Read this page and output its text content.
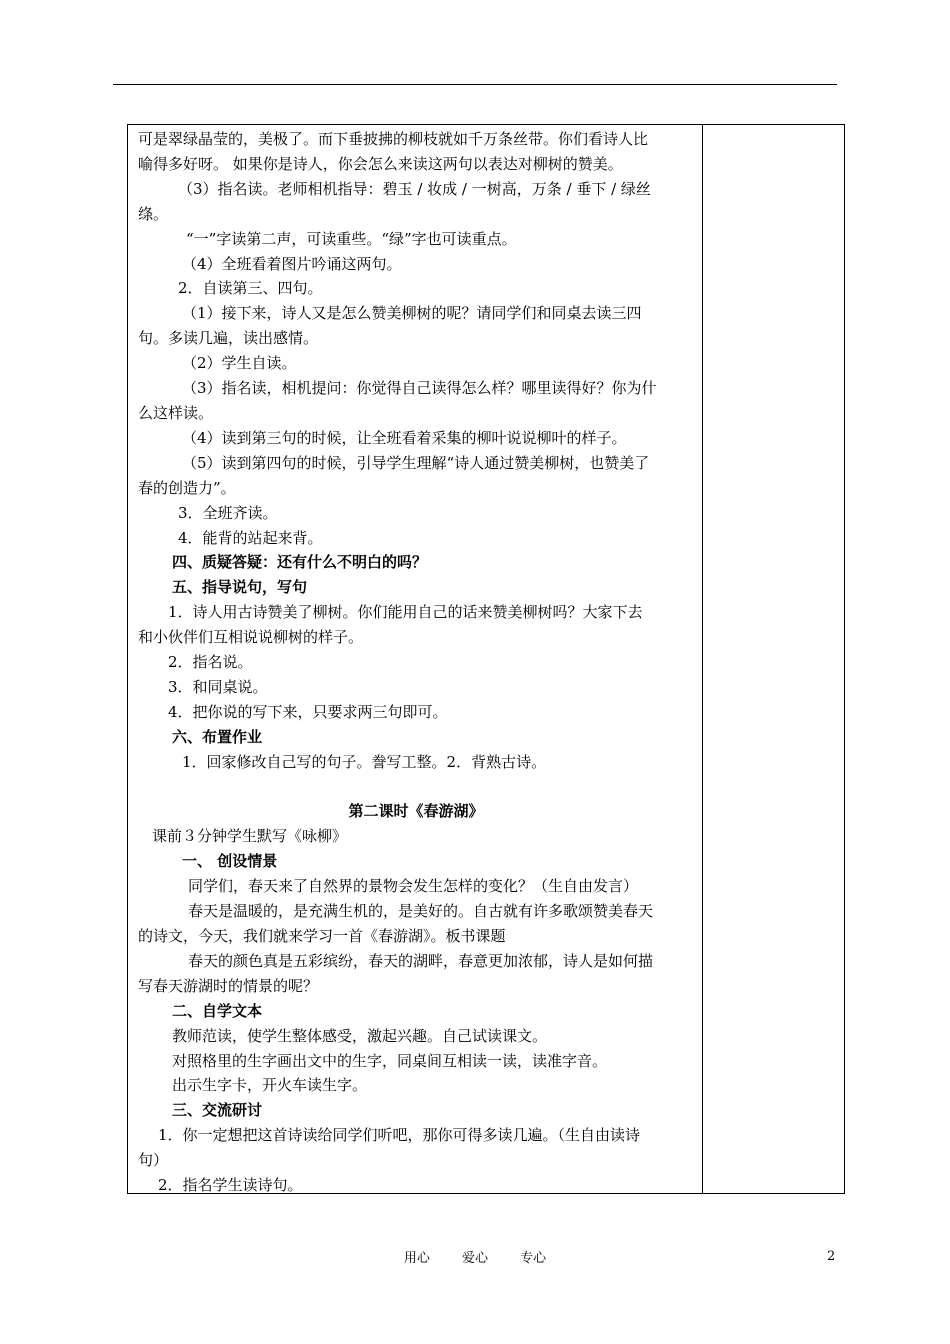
可是翠绿晶莹的，美极了。而下垂披拂的柳枝就如千万条丝带。你们看诗人比

喻得多好呀。 如果你是诗人，你会怎么来读这两句以表达对柳树的赞美。

（3）指名读。老师相机指导：碧玉 / 妆成 / 一树高，万条 / 垂下 / 绿丝

绦。

“一”字读第二声，可读重些。“绿”字也可读重点。

（4）全班看着图片吟诵这两句。

2．自读第三、四句。

（1）接下来，诗人又是怎么赞美柳树的呢？请同学们和同桌去读三四

句。多读几遍，读出感情。

（2）学生自读。

（3）指名读，相机提问：你觉得自己读得怎么样？哪里读得好？你为什

么这样读。

（4）读到第三句的时候，让全班看着采集的柳叶说说柳叶的样子。

（5）读到第四句的时候，引导学生理解“诗人通过赞美柳树，也赞美了

春的创造力”。

3．全班齐读。

4．能背的站起来背。

四、质疑答疑：还有什么不明白的吗？

五、指导说句，写句

1．诗人用古诗赞美了柳树。你们能用自己的话来赞美柳树吗？大家下去

和小伙伴们互相说说柳树的样子。

2．指名说。

3．和同桌说。

4．把你说的写下来，只要求两三句即可。

六、布置作业

1．回家修改自己写的句子。誊写工整。2．背熟古诗。

第二课时《春游湖》

课前３分钟学生默写《咏柳》

一、 创设情景

同学们，春天来了自然界的景物会发生怎样的变化？（生自由发言）

春天是温暖的，是充满生机的，是美好的。自古就有许多歌颂赞美春天

的诗文，今天，我们就来学习一首《春游湖》。板书课题

春天的颜色真是五彩缤纷，春天的湖畔，春意更加浓郁，诗人是如何描

写春天游湖时的情景的呢？

二、自学文本

教师范读，使学生整体感受，激起兴趣。自己试读课文。

对照格里的生字画出文中的生字，同桌间互相读一读，读准字音。

出示生字卡，开火车读生字。

三、交流研讨

1．你一定想把这首诗读给同学们听吧，那你可得多读几遍。（生自由读诗

句）

2．指名学生读诗句。

用心 爱心 专心	2
